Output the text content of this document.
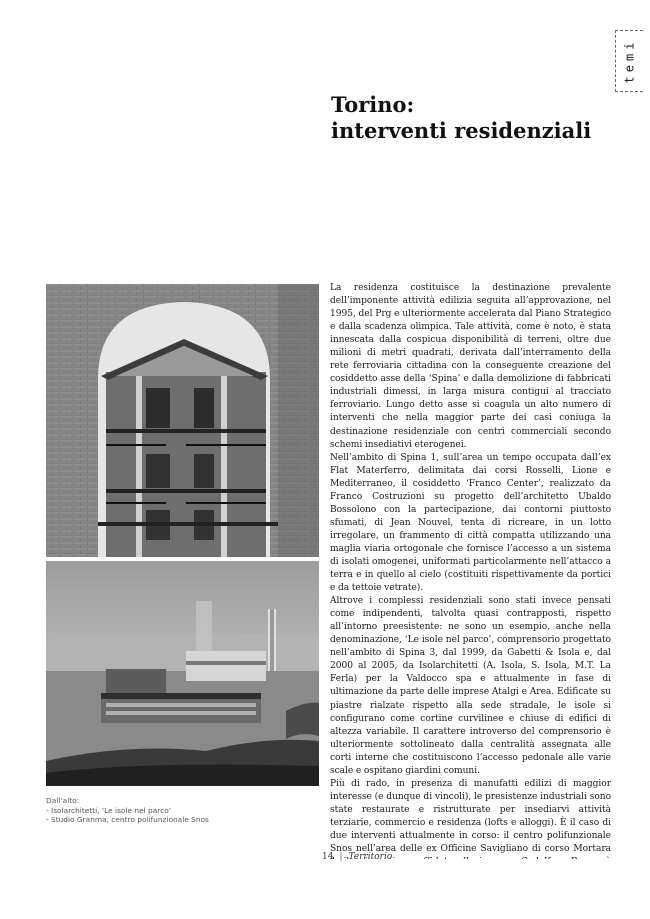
temi
Torino:
interventi residenziali
Dall’alto:
- Isolarchitetti, ‘Le isole nel parco’
- Studio Granma, centro polifunzionale Snos

La residenza costituisce la destinazione prevalente dell’imponente attività edilizia seguita all’approvazione, nel 1995, del Prg e ulteriormente accelerata dal Piano Strategico e dalla scadenza olimpica. Tale attività, come è noto, è stata innescata dalla cospicua disponibilità di terreni, oltre due milioni di metri quadrati, derivata dall’interramento della rete ferroviaria cittadina con la conseguente creazione del cosiddetto asse della ‘Spina’ e dalla demolizione di fabbricati industriali dimessi, in larga misura contigui al tracciato ferroviario. Lungo detto asse si coagula un alto numero di interventi che nella maggior parte dei casi coniuga la destinazione residenziale con centri commerciali secondo schemi insediativi eterogenei.

Nell’ambito di Spina 1, sull’area un tempo occupata dall’ex Flat Materferro, delimitata dai corsi Rosselli, Lione e Mediterraneo, il cosiddetto ‘Franco Center’, realizzato da Franco Costruzioni su progetto dell’architetto Ubaldo Bossolono con la partecipazione, dai contorni piuttosto sfumati, di Jean Nouvel, tenta di ricreare, in un lotto irregolare, un frammento di città compatta utilizzando una maglia viaria ortogonale che fornisce l’accesso a un sistema di isolati omogenei, uniformati particolarmente nell’attacco a terra e in quello al cielo (costituiti rispettivamente da portici e da tettoie vetrate).

Altrove i complessi residenziali sono stati invece pensati come indipendenti, talvolta quasi contrapposti, rispetto all’intorno preesistente: ne sono un esempio, anche nella denominazione, ‘Le isole nel parco’, comprensorio progettato nell’ambito di Spina 3, dal 1999, da Gabetti & Isola e, dal 2000 al 2005, da Isolarchitetti (A. Isola, S. Isola, M.T. La Ferla) per la Valdocco spa e attualmente in fase di ultimazione da parte delle imprese Atalgi e Area. Edificate su piastre rialzate rispetto alla sede stradale, le isole si configurano come cortine curvilinee e chiuse di edifici di altezza variabile. Il carattere introverso del comprensorio è ulteriormente sottolineato dalla centralità assegnata alle corti interne che costituiscono l’accesso pedonale alle varie scale e ospitano giardini comuni.

Più di rado, in presenza di manufatti edilizi di maggior interesse (e dunque di vincoli), le presistenze industriali sono state restaurate e ristrutturate per insediarvi attività terziarie, commercio e residenza (lofts e alloggi). È il caso di due interventi attualmente in corso: il centro polifunzionale Snos nell’area delle ex Officine Savigliano di corso Mortara

14 | Territorio
